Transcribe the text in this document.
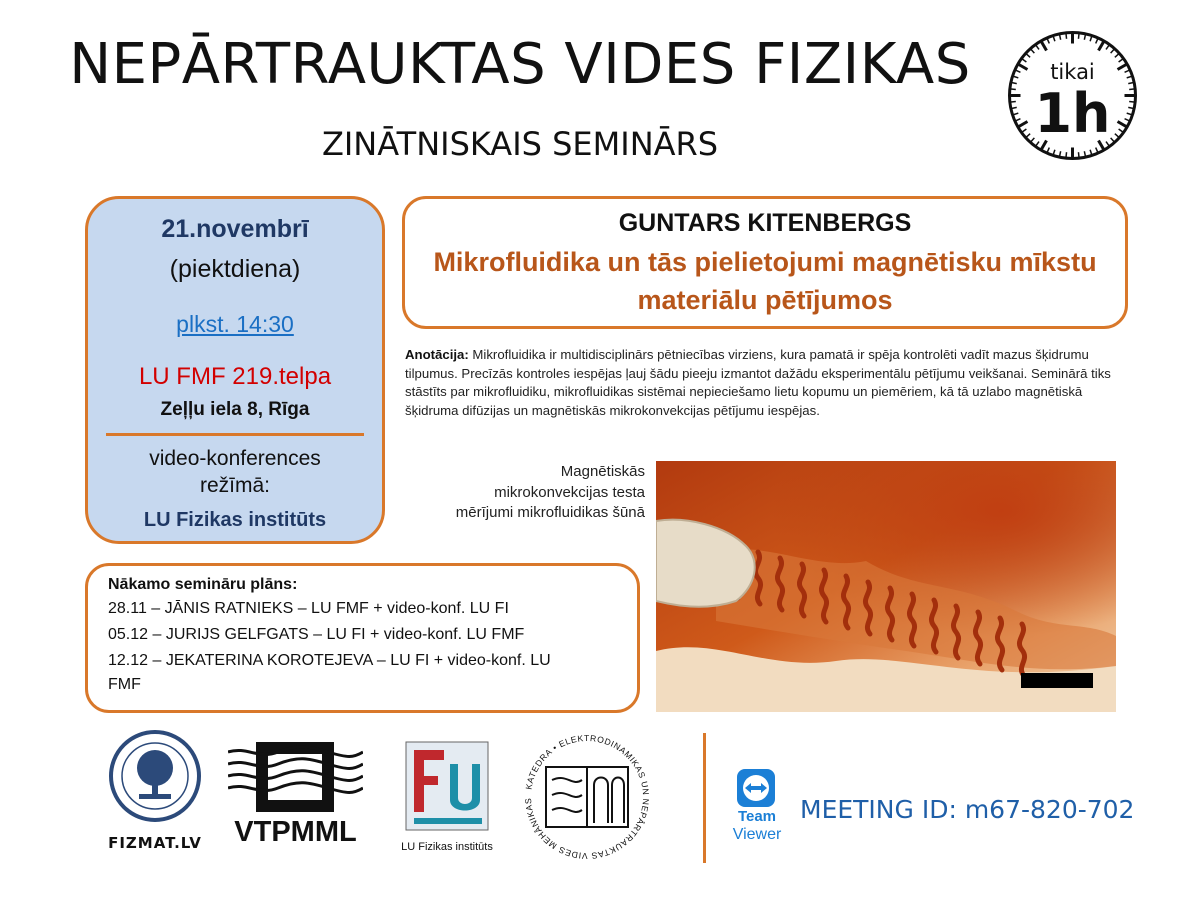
NEPĀRTRAUKTAS VIDES FIZIKAS
ZINĀTNISKAIS SEMINĀRS
tikai
1h
21.novembrī
(piektdiena)
plkst. 14:30
LU FMF 219.telpa
Zeļļu iela 8, Rīga
video-konferences
režīmā:
LU Fizikas institūts
GUNTARS KITENBERGS
Mikrofluidika un tās pielietojumi magnētisku mīkstu materiālu pētījumos
Anotācija: Mikrofluidika ir multidisciplinārs pētniecības virziens, kura pamatā ir spēja kontrolēti vadīt mazus šķidrumu tilpumus. Precīzās kontroles iespējas ļauj šādu pieeju izmantot dažādu eksperimentālu pētījumu veikšanai. Seminārā tiks stāstīts par mikrofluidiku, mikrofluidikas sistēmai nepieciešamo lietu kopumu un piemēriem, kā tā uzlabo magnētiskā šķidruma difūzijas un magnētiskās mikrokonvekcijas pētījumu iespējas.
Magnētiskās mikrokonvekcijas testa mērījumi mikrofluidikas šūnā
Nākamo semināru plāns:
28.11 – JĀNIS RATNIEKS – LU FMF + video-konf. LU FI
05.12 – JURIJS GELFGATS – LU FI + video-konf. LU FMF
12.12 – JEKATERINA KOROTEJEVA – LU FI + video-konf. LU
FMF
FIZMAT.LV VTPMML	LU Fizikas institūts
KATEDRA • ELEKTRODINAMIKAS UN NEPĀRTRAUKTAS VIDES MEHĀNIKAS
Team
Viewer
MEETING ID: m67-820-702
